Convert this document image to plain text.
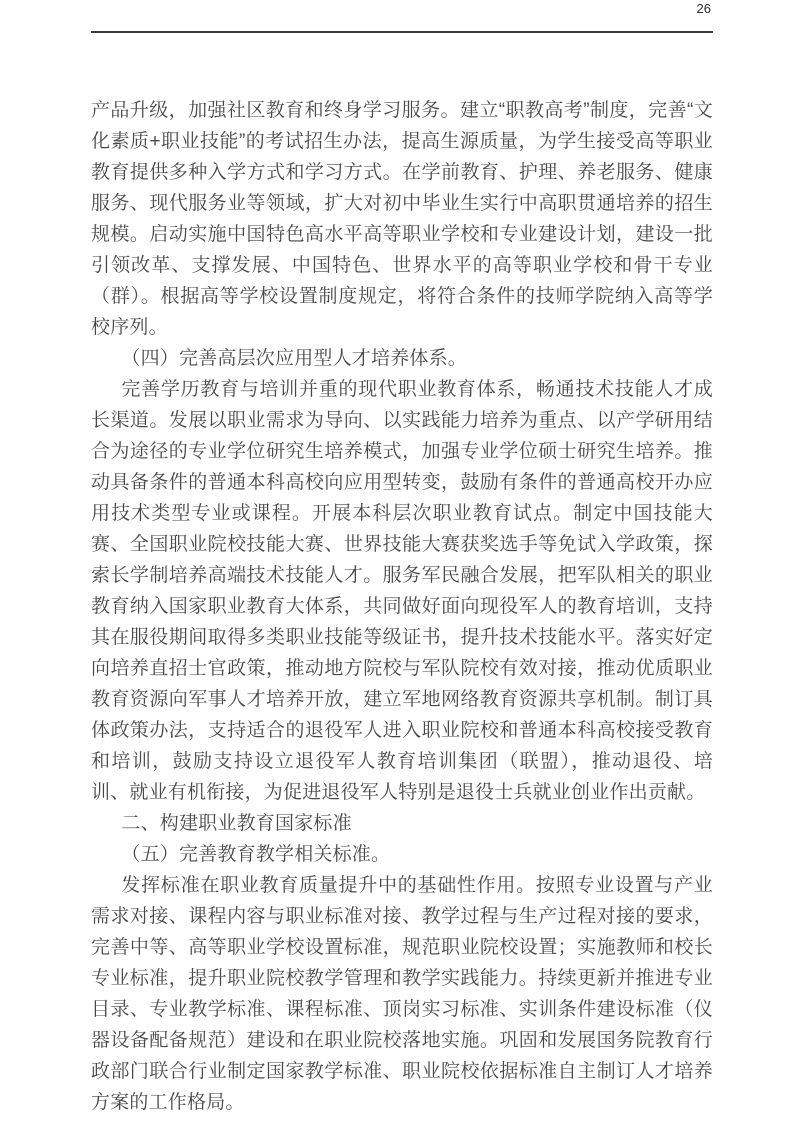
26

产品升级，加强社区教育和终身学习服务。建立“职教高考”制度，完善“文化素质+职业技能”的考试招生办法，提高生源质量，为学生接受高等职业教育提供多种入学方式和学习方式。在学前教育、护理、养老服务、健康服务、现代服务业等领域，扩大对初中毕业生实行中高职贯通培养的招生规模。启动实施中国特色高水平高等职业学校和专业建设计划，建设一批引领改革、支撑发展、中国特色、世界水平的高等职业学校和骨干专业（群）。根据高等学校设置制度规定，将符合条件的技师学院纳入高等学校序列。

（四）完善高层次应用型人才培养体系。

完善学历教育与培训并重的现代职业教育体系，畅通技术技能人才成长渠道。发展以职业需求为导向、以实践能力培养为重点、以产学研用结合为途径的专业学位研究生培养模式，加强专业学位硕士研究生培养。推动具备条件的普通本科高校向应用型转变，鼓励有条件的普通高校开办应用技术类型专业或课程。开展本科层次职业教育试点。制定中国技能大赛、全国职业院校技能大赛、世界技能大赛获奖选手等免试入学政策，探索长学制培养高端技术技能人才。服务军民融合发展，把军队相关的职业教育纳入国家职业教育大体系，共同做好面向现役军人的教育培训，支持其在服役期间取得多类职业技能等级证书，提升技术技能水平。落实好定向培养直招士官政策，推动地方院校与军队院校有效对接，推动优质职业教育资源向军事人才培养开放，建立军地网络教育资源共享机制。制订具体政策办法，支持适合的退役军人进入职业院校和普通本科高校接受教育和培训，鼓励支持设立退役军人教育培训集团（联盟），推动退役、培训、就业有机衔接，为促进退役军人特别是退役士兵就业创业作出贡献。

二、构建职业教育国家标准

（五）完善教育教学相关标准。

发挥标准在职业教育质量提升中的基础性作用。按照专业设置与产业需求对接、课程内容与职业标准对接、教学过程与生产过程对接的要求，完善中等、高等职业学校设置标准，规范职业院校设置；实施教师和校长专业标准，提升职业院校教学管理和教学实践能力。持续更新并推进专业目录、专业教学标准、课程标准、顶岗实习标准、实训条件建设标准（仪器设备配备规范）建设和在职业院校落地实施。巩固和发展国务院教育行政部门联合行业制定国家教学标准、职业院校依据标准自主制订人才培养方案的工作格局。
